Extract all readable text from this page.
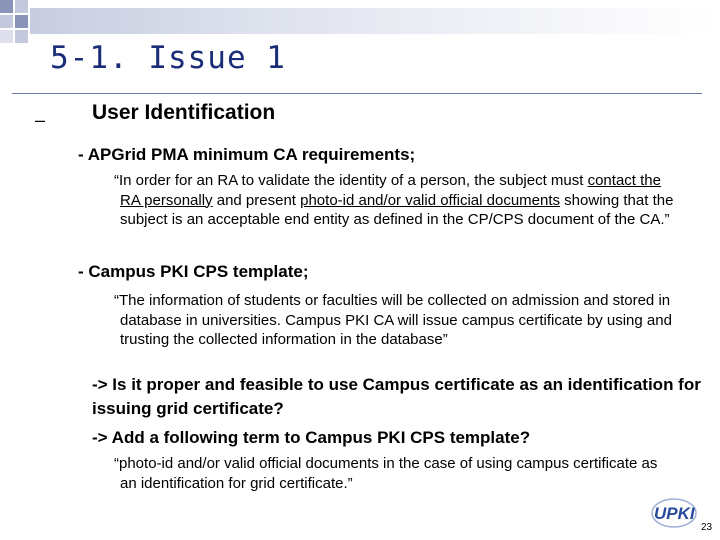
5-1. Issue 1
– User Identification
- APGrid PMA minimum CA requirements;
“In order for an RA to validate the identity of a person, the subject must contact the RA personally and present photo-id and/or valid official documents showing that the subject is an acceptable end entity as defined in the CP/CPS document of the CA.”
- Campus PKI CPS template;
“The information of students or faculties will be collected on admission and stored in database in universities. Campus PKI CA will issue campus certificate by using and trusting the collected information in the database”
-> Is it proper and feasible to use Campus certificate as an identification for issuing grid certificate?
-> Add a following term to Campus PKI CPS template?
“photo-id and/or valid official documents in the case of using campus certificate as an identification for grid certificate.”
UPKI
23
